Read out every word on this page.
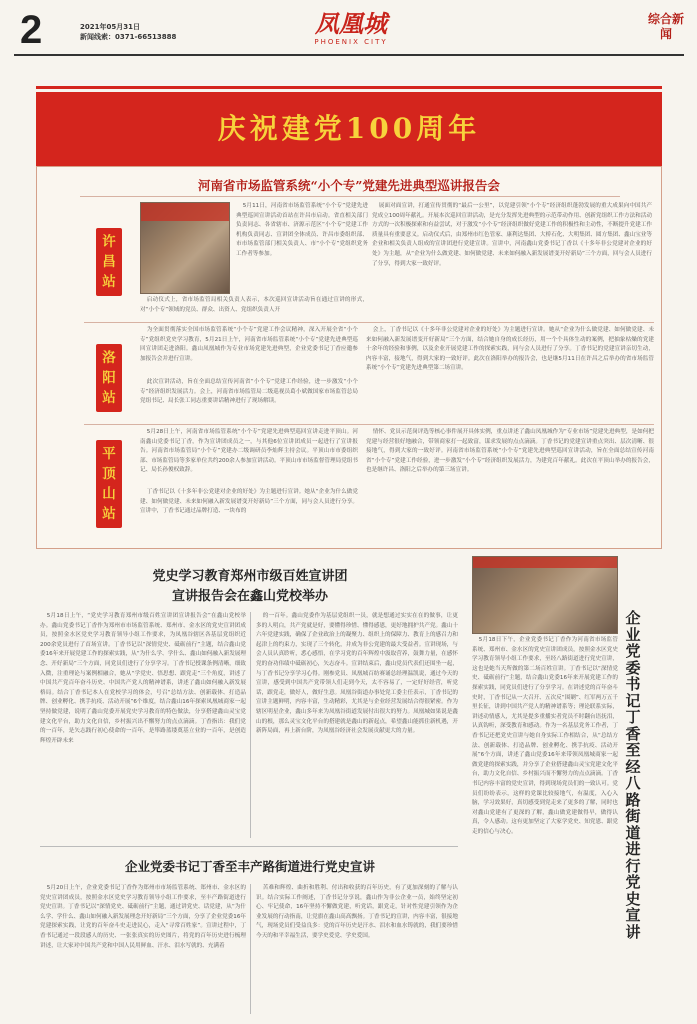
2	2021年05月31日
新闻线索：0371-66513888	凤凰城
PHOENIX CITY
综合新闻
庆祝建党100周年
河南省市场监管系统“小个专”党建先进典型巡讲报告会
许昌站
5月11日，河南省市场监管系统“小个专”党建先进典型巡回宣讲活动首站在许昌市启动。省直相关部门负责同志、各省辖市、济源示范区“小个专”党建工作机构负责同志、宣讲团全体成员、许昌市委组织部、市市场监管部门相关负责人、市“小个专”党组织党务工作者等参加。
启动仪式上，省市场监管局相关负责人表示，本次巡回宣讲活动旨在通过宣讲的形式，对“小个专”领域的党员、群众、出资人、党组织负责人开
展面对面宣讲，打通宣传贯彻的“最后一公里”，以党建引领“小个专”经济组织蓬勃发展的重大成果向中国共产党成立100周年献礼。开展本次巡回宣讲活动，是充分发挥先进典型的示范带动作用、创新党组织工作方法和活动方式的一次积极探索和有益尝试，对于激发“小个专”经济组织做好党建工作的积极性和主动性，不断提升党建工作质量具有重要意义。启动仪式后，由郑州市红色管家、康利达集团、大桥石化、大明集团、圆方集团、鑫山宝业等企业和相关负责人组成的宣讲团进行党建宣讲。宣讲中，河南鑫山党委书记丁香以《十多年非公党建对企业的好处》为主题，从“企业为什么做党建、如何做党建、未来如何融入新发展谱变开好新局”三个方面，回与会人员进行了分享，得到大家一致好评。
洛阳站
为全面贯彻落实全国市场监管系统“小个专”党建工作会议精神，深入开展全省“小个专”党组织党史学习教育，5月21日上午，河南省市场监管系统“小个专”党建先进典型巡回宣讲团走进洛阳。鑫山凤凰城作为专业市场党建先进典型，企业党委书记丁香应邀参加报告会并进行宣讲。
此次宣讲活动，旨在全面总结宣传河南省“小个专”党建工作经验，进一步激发“小个专”经济组织发展活力。会上，河南省市场监管局二级巡视员葛小斌做国家市场监管总局党组书记、局长张工同志重要讲话精神进行了现场解读。
会上，丁香书记以《十多年非公党建对企业的好处》为主题进行宣讲。她从“企业为什么做党建、如何做党建、未来如何融入新发展谱变开好新局”三个方面，结合她自身的成长经历，用一个个具体生动的案例，把抽象枯燥的党建十余年的经验和事例，以及企业开展党建工作的探索实践，同与会人员进行了分享。丁香书记的党建宣讲亲切生动，内容丰富，接地气，得到大家的一致好评。此次在洛阳举办的报告会，也是继5月11日在许昌之后举办的省市场监管系统“小个专”党建先进典型第二场宣讲。
平顶山站
5月28日上午，河南省市场监管系统“小个专”党建先进典型巡回宣讲走进平顶山。河南鑫山党委书记丁香，作为宣讲团成员之一，与其他6位宣讲团成员一起进行了宣讲报告。河南省市场监管局“小个专”党建办二级调研员李灿辉主持会议。平顶山市市委组织部、市场监管局等多家单位共约200余人参加宣讲活动。平顶山市市场监督管理局党组书记、局长孙俊权致辞。
丁香书记以《十多年非公党建对企业的好处》为主题进行宣讲。她从“企业为什么做党建、如何做党建、未来如何融入新发展谱变开好新局”三个方面，同与会人员进行分享。宣讲中，丁香书记通过品牌打造、一块布的
情怀、党员示范岗评选等核心事件展开具体实例，重点讲述了鑫山凤凰城作为“专业市场”党建先进典型，是如何把党建与经营很好地融合，带领商家打一起致富，谋求发展的点点滴滴。丁香书记的党建宣讲重点突出、层次清晰、很接地气，得到大家的一致好评。河南省市场监管系统“小个专”党建先进典型巡回宣讲活动，旨在全面总结宣传河南省“小个专”党建工作经验，进一步激发“小个专”经济组织发展活力，为建党百年献礼。此次在平顶山举办的报告会，也是继许昌、洛阳之后举办的第三场宣讲。
党史学习教育郑州市级百姓宣讲团
宣讲报告会在鑫山党校举办
5月18日上午，“党史学习教育郑州市级百姓宣讲团宣讲报告会”在鑫山党校举办。鑫山党委书记丁香作为郑州市市场监管系统、郑州市、金水区的党史宣讲团成员，按照金水区党史学习教育领导小组工作要求，为凤凰谷辖区各基层党组织近200余党员进行了首场宣讲。丁香书记以“深情党史、砥砺前行”主题，结合鑫山党委16年来开展党建工作的探索实践，从“为什么学、学什么、鑫山如何融入新发展理念、开好新局”三个方面，同党员们进行了分享学习。丁香书记授课条例清晰，细致入微，注重理论与案例相融合，她从“学党史、悟思想、跟党走”三个角度，讲述了中国共产党百年奋斗历史、中国共产党人的精神谱系，讲述了鑫山如何融入新发展格局。结合丁香书记本人在党校学习的体会，号召“总结方法、创新载体、打造品牌、创业孵化、携手抗疫、活动开展”6个维度，结合鑫山16年探索凤凰城商家一起坚持做党建，说明了鑫山党委开展党史学习教育的特色做法，分享搭建鑫山灵宝党建文化平台，助力文化自信，乡村振兴出不懈努力的点点滴滴。丁香指出：我们党的一百年，是矢志践行初心使命的一百年，是筚路蓝缕奠基立业的一百年，是创造辉煌开辟未来
的一百年。鑫山党委作为基层党组织一员，就是想通过实实在在的做事，让更多的人明白，共产党就是好，要懂得珍惜、懂得感恩，更好地拥护共产党。鑫山十六年党建实践，确保了企业政治上的凝聚力、组织上的保障力、教育上的感召力和起津上的约束力，实现了三个转化，并成为非公党建的最大受益者。宣讲现场，与会人员认真聆听，悉心感悟，在学习党的百年辉煌中汲取营养，鼓舞力量，在感怀党的奋功伟绩中砥砺初心，矢志奋斗。宣讲结束后，鑫山党员代表们还围坐一起，与丁香书记分享学习心得。刚参党员、凤凰城百纺赛诵总经理温凯说，通过今天的宣讲，感受到中国共产党带领人们走到今天，太不容易了，一定好好经营，听党话，跟党走，做好人，做好生意。凤凰谷街道办事处党工委主任表示，丁香书记的宣讲主题鲜明，内容丰富，生动精彩，尤其是与企业经营发展结合得很紧密。作为辖区明星企业，鑫山多年来为凤凰谷街道发展付出很大的努力。凤凰城如果说是鑫山的根，那么灵宝文化平台的搭建就是鑫山的新起点，希望鑫山能抓住新机遇，开新阵局面，再上新台阶，为凤凰谷经济社会发展贡献更大的力量。
企业党委书记丁香至丰产路街道进行党史宣讲
5月20日上午，企业党委书记丁香作为郑州市市场监管系统、郑州市、金水区的党史宣讲团成员，按照金水区党史学习教育领导小组工作要求，至丰产路街道进行党史宣讲。丁香书记以“深情党史、砥砺前行”主题，通过讲党史、话党建，从“为什么学、学什么、鑫山如何融入新发展理念开好新局”三个方面，分享了企业党委16年党建探索实践，让党的百年奋斗史走进民心，走入“寻常百姓家”。宣讲过程中，丁香书记通过一段段感人的历史、一张张真实的历史图片，将党的百年历史进行梳理讲述，让大家对中国共产党和中国人民用鲜血、汗水、泪水写就的、充满着
苦难和辉煌、曲折和胜利、付出和收获的百年历史，有了更加深刻的了解与认识。结合实际工作阐述，丁香书记分享说，鑫山作为非公企业一员，始终坚定初心、牢记使命，16年坚持不懈做党建，听党话，跟党走，针对性党建引领作为企业发展的行动指南，让党旗在鑫山高高飘扬。丁香书记的宣讲，内容丰富，很接地气，现场党员们受益良多：党的百年历史是汗水、泪水和血水铸就的，我们要珍惜今天的和平幸福生活，要学史爱党、学史爱国。
企业党委书记丁香至经八路街道进行党史宣讲
5月18日下午，企业党委书记丁香作为河南省市场监管系统、郑州市、金水区的党史宣讲团成员，按照金水区党史学习教育领导小组工作要求，至经八路街道进行党史宣讲，这也是她当天所做的第二场百姓宣讲。丁香书记以“深情党史、砥砺前行”主题，结合鑫山党委16年来开展党建工作的探索实践，同党员们进行了分享学习。在讲述党的百年奋斗史时，丁香书记从一大召开、五次反“围剿”、红军两万五千里长征，讲到中国共产党人的精神谱系等；理论联系实际，讲述动情感人，尤其是提多重播实者党员不时翻台语抚泪，认真钩听，深受教育和感动。作为一名基层党务工作者，丁香书记还把党史宣讲与她自身实际工作相结合，从“总结方法、创新载体、打造品牌、创业孵化、携手抗疫、活动开展”6个方面，讲述了鑫山党委16年来带领凤凰城商家一起做党建的探索实践，并分享了企业搭建鑫山灵宝党建文化平台，助力文化自信、乡村振兴而不懈努力的点点滴滴。丁香书记内容丰富的党史宣讲，得到现场党员们的一致认可。党员们纷纷表示，这样的党课比较接地气，有温度，入心入脑，学习效果好，真切感受到党走来了更多的了解，同时也对鑫山党建有了更深的了解，鑫山做党建做得早，做得认真，令人感动。这有更加坚定了大家学党史、知党恩、跟党走的信心与决心。
